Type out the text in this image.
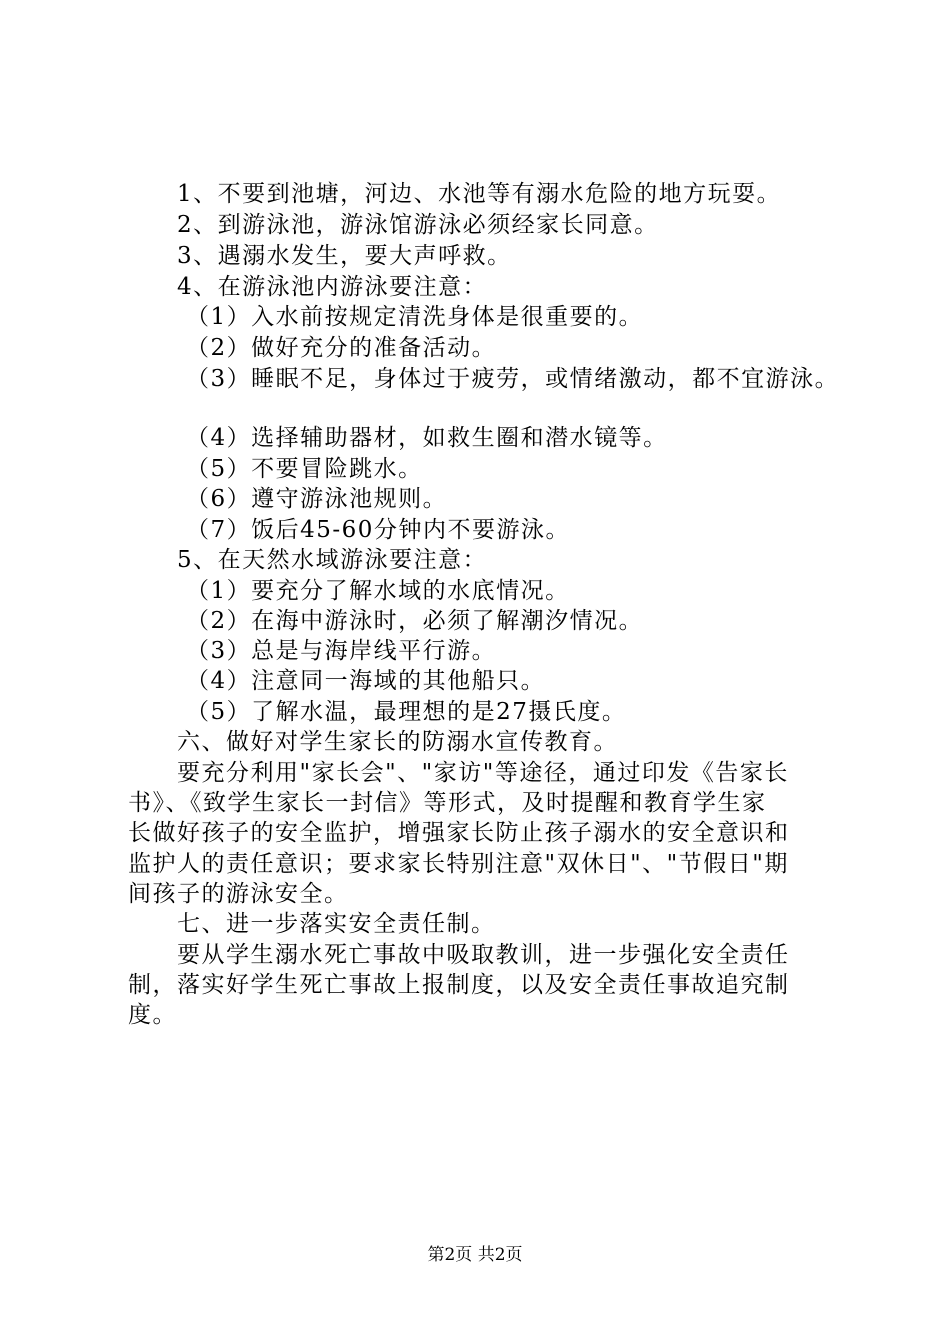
1、不要到池塘，河边、水池等有溺水危险的地方玩耍。
2、到游泳池，游泳馆游泳必须经家长同意。
3、遇溺水发生，要大声呼救。
4、在游泳池内游泳要注意：
（1）入水前按规定清洗身体是很重要的。
（2）做好充分的准备活动。
（3）睡眠不足，身体过于疲劳，或情绪激动，都不宜游泳。
（4）选择辅助器材，如救生圈和潜水镜等。
（5）不要冒险跳水。
（6）遵守游泳池规则。
（7）饭后45-60分钟内不要游泳。
5、在天然水域游泳要注意：
（1）要充分了解水域的水底情况。
（2）在海中游泳时，必须了解潮汐情况。
（3）总是与海岸线平行游。
（4）注意同一海域的其他船只。
（5）了解水温，最理想的是27摄氏度。
六、做好对学生家长的防溺水宣传教育。
要充分利用"家长会"、"家访"等途径，通过印发《告家长
书》、《致学生家长一封信》等形式，及时提醒和教育学生家
长做好孩子的安全监护，增强家长防止孩子溺水的安全意识和
监护人的责任意识；要求家长特别注意"双休日"、"节假日"期
间孩子的游泳安全。
七、进一步落实安全责任制。
要从学生溺水死亡事故中吸取教训，进一步强化安全责任
制，落实好学生死亡事故上报制度，以及安全责任事故追究制
度。
第2页 共2页
